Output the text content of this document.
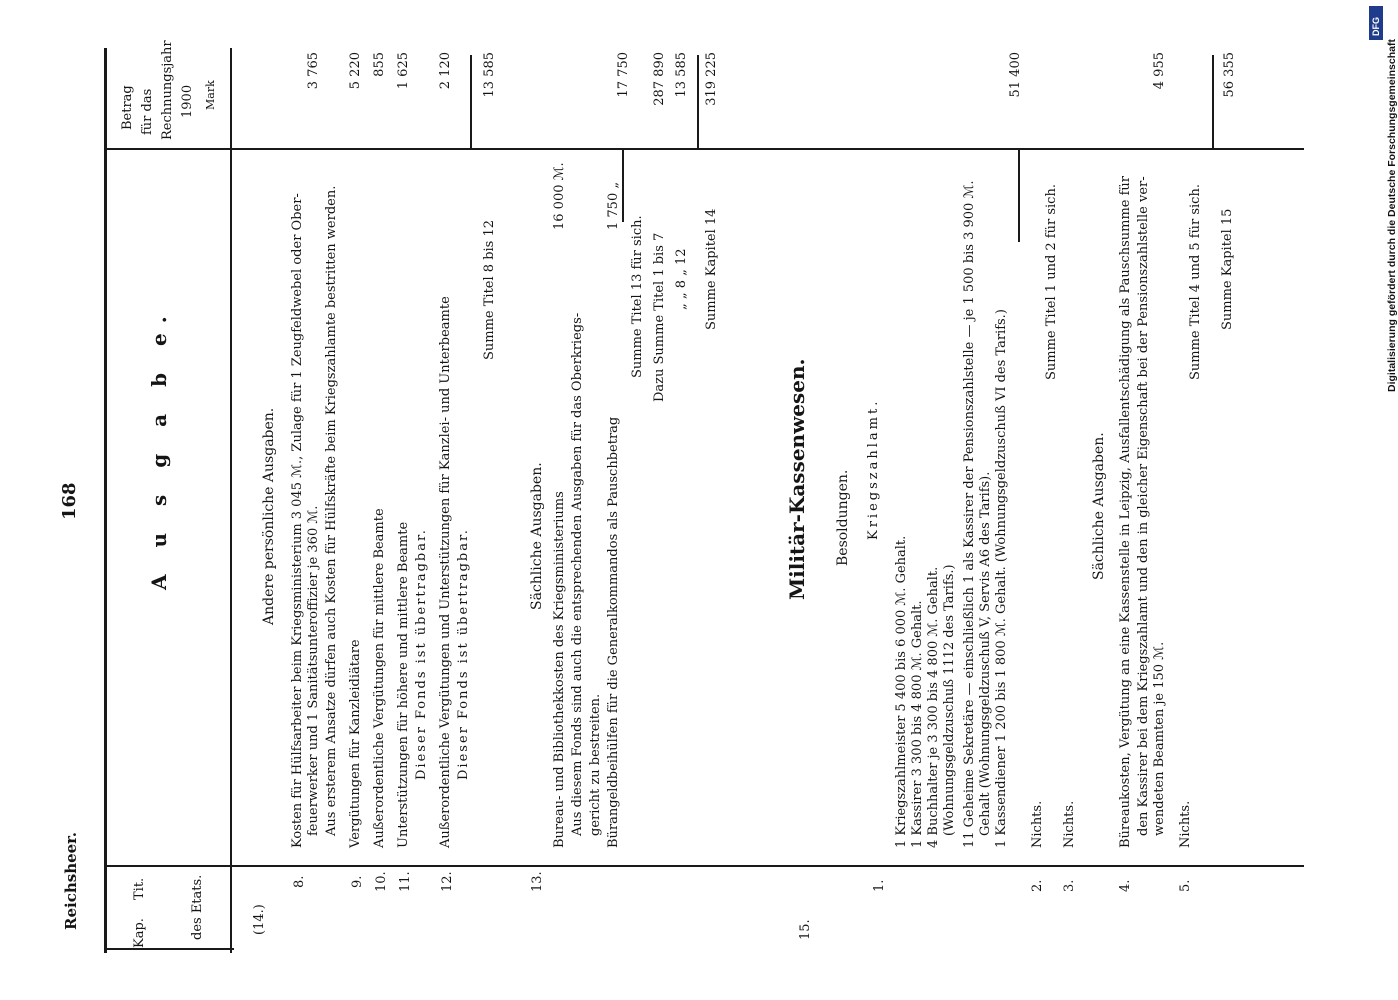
Digitalisierung gefördert durch die Deutsche Forschungsgemeinschaft
DFG
Reichsheer.
168
Kap.
Tit.	des Etats.
Betrag für das Rechnungsjahr 1900 Mark
A u s g a b e.
(14.)
Andere persönliche Ausgaben.
8.
Kosten für Hülfsarbeiter beim Kriegsministerium 3 045 ℳ., Zulage für 1 Zeugfeldwebel oder Ober- feuerwerker und 1 Sanitätsunteroffizier je 360 ℳ. Aus ersterem Ansatze dürfen auch Kosten für Hülfskräfte beim Kriegszahlamte bestritten werden.
3 765
9.
Vergütungen für Kanzleidiätare
5 220
10.
Außerordentliche Vergütungen für mittlere Beamte
855
11.
Unterstützungen für höhere und mittlere Beamte Dieser Fonds ist übertragbar.
1 625
12.
Außerordentliche Vergütungen und Unterstützungen für Kanzlei- und Unterbeamte Dieser Fonds ist übertragbar.
2 120
Summe Titel 8 bis 12
13 585
Sächliche Ausgaben.
13.
Bureau- und Bibliothekkosten des Kriegsministeriums
16 000 ℳ.
Aus diesem Fonds sind auch die entsprechenden Ausgaben für das Oberkriegs- gericht zu bestreiten. Bürangeldbeihülfen für die Generalkommandos als Pauschbetrag
1 750 „
Summe Titel 13 für sich.
17 750
Dazu Summe Titel 1 bis 7
287 890
„ „ 8 „ 12
13 585
Summe Kapitel 14
319 225
15.
Militär-Kassenwesen. Besoldungen. Kriegszahlamt.
1.
1 Kriegszahlmeister 5 400 bis 6 000 ℳ. Gehalt. 1 Kassirer 3 300 bis 4 800 ℳ. Gehalt. 4 Buchhalter je 3 300 bis 4 800 ℳ. Gehalt. (Wohnungsgeldzuschuß 1112 des Tarifs.) 11 Geheime Sekretäre — einschließlich 1 als Kassirer der Pensionszahlstelle — je 1 500 bis 3 900 ℳ. Gehalt (Wohnungsgeldzuschuß V, Servis A6 des Tarifs). 1 Kassendiener 1 200 bis 1 800 ℳ. Gehalt. (Wohnungsgeldzuschuß VI des Tarifs.)
51 400
2.
Nichts.
Summe Titel 1 und 2 für sich.
3.
Nichts.
Sächliche Ausgaben.
4.
Büreaukosten, Vergütung an eine Kassenstelle in Leipzig, Ausfallentschädigung als Pauschsumme für den Kassirer bei dem Kriegszahlamt und den in gleicher Eigenschaft bei der Pensionszahlstelle ver- wendeten Beamten je 150 ℳ.
4 955
5.
Nichts.
Summe Titel 4 und 5 für sich. Summe Kapitel 15
56 355
